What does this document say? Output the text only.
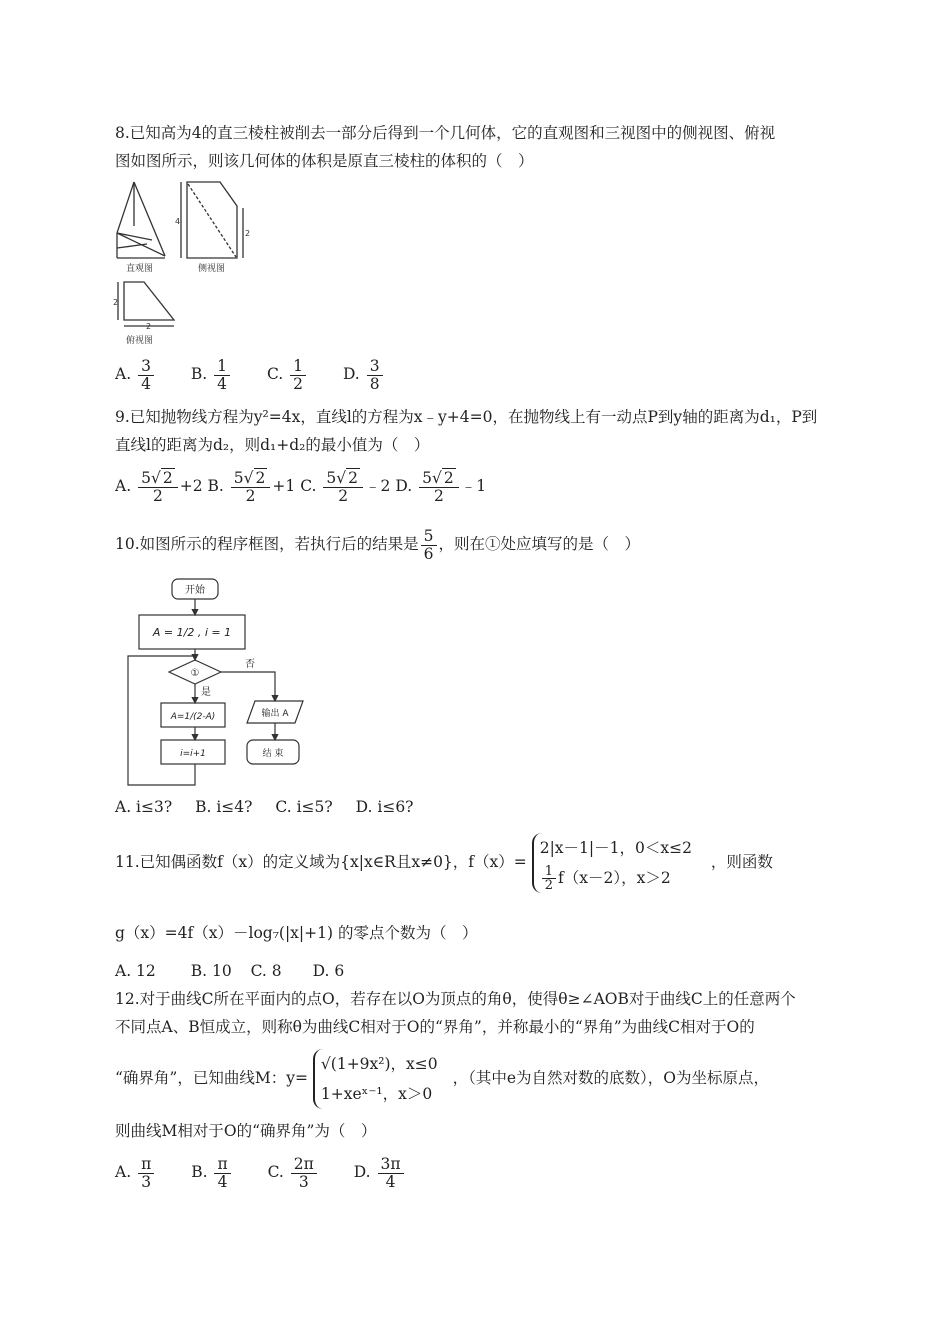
8.已知高为4的直三棱柱被削去一部分后得到一个几何体，它的直观图和三视图中的侧视图、俯视
图如图所示，则该几何体的体积是原直三棱柱的体积的（　）
直观图
4
2
侧视图
2
2
俯视图
A. $\frac{3}{4} B$. $\frac{1}{4} C$. $\frac{1}{2} D$. $\frac{3}{8}$
9.已知抛物线方程为y²=4x，直线l的方程为x﹣y+4=0，在抛物线上有一动点P到y轴的距离为d₁，P到
直线l的距离为d₂，则d₁+d₂的最小值为（　）
A. $\frac{5√ 2}{2} +2$ B. $\frac{5√ 2}{2} +1$ C. $\frac{5√ 2}{2}$ ﹣2 D. $\frac{5√ 2}{2}$ ﹣1
10.如图所示的程序框图，若执行后的结果是 $\frac{5}{6}$ ，则在①处应填写的是（　）
开始
A = 1/2 , i = 1
①
否
是
A=1/(2-A)
i=i+1
输出 A
结 束
A. i≤3? B. i≤4? C. i≤5? D. i≤6?
11.已知偶函数f（x）的定义域为{x|x∈R且x≠0}，f（x）=
2|x－1|－1，0＜x≤2
$\frac{1}{2} f(x-2)$，x＞2
，则函数
g（x）=4f（x）－log₇(|x|+1) 的零点个数为（　）
A. 12 B. 10 C. 8 D. 6
12.对于曲线C所在平面内的点O，若存在以O为顶点的角θ，使得θ≥∠AOB对于曲线C上的任意两个
不同点A、B恒成立，则称θ为曲线C相对于O的“界角”，并称最小的“界角”为曲线C相对于O的
“确界角”，已知曲线M：y=
√(1+9x²)，x≤0
1+xeˣ⁻¹，x＞0
，（其中e为自然对数的底数），O为坐标原点，
则曲线M相对于O的“确界角”为（　）
A. $\frac{\pi}{3} B$. $\frac{\pi}{4} C$. $\frac{2\pi}{3} D$. $\frac{3\pi}{4}$
